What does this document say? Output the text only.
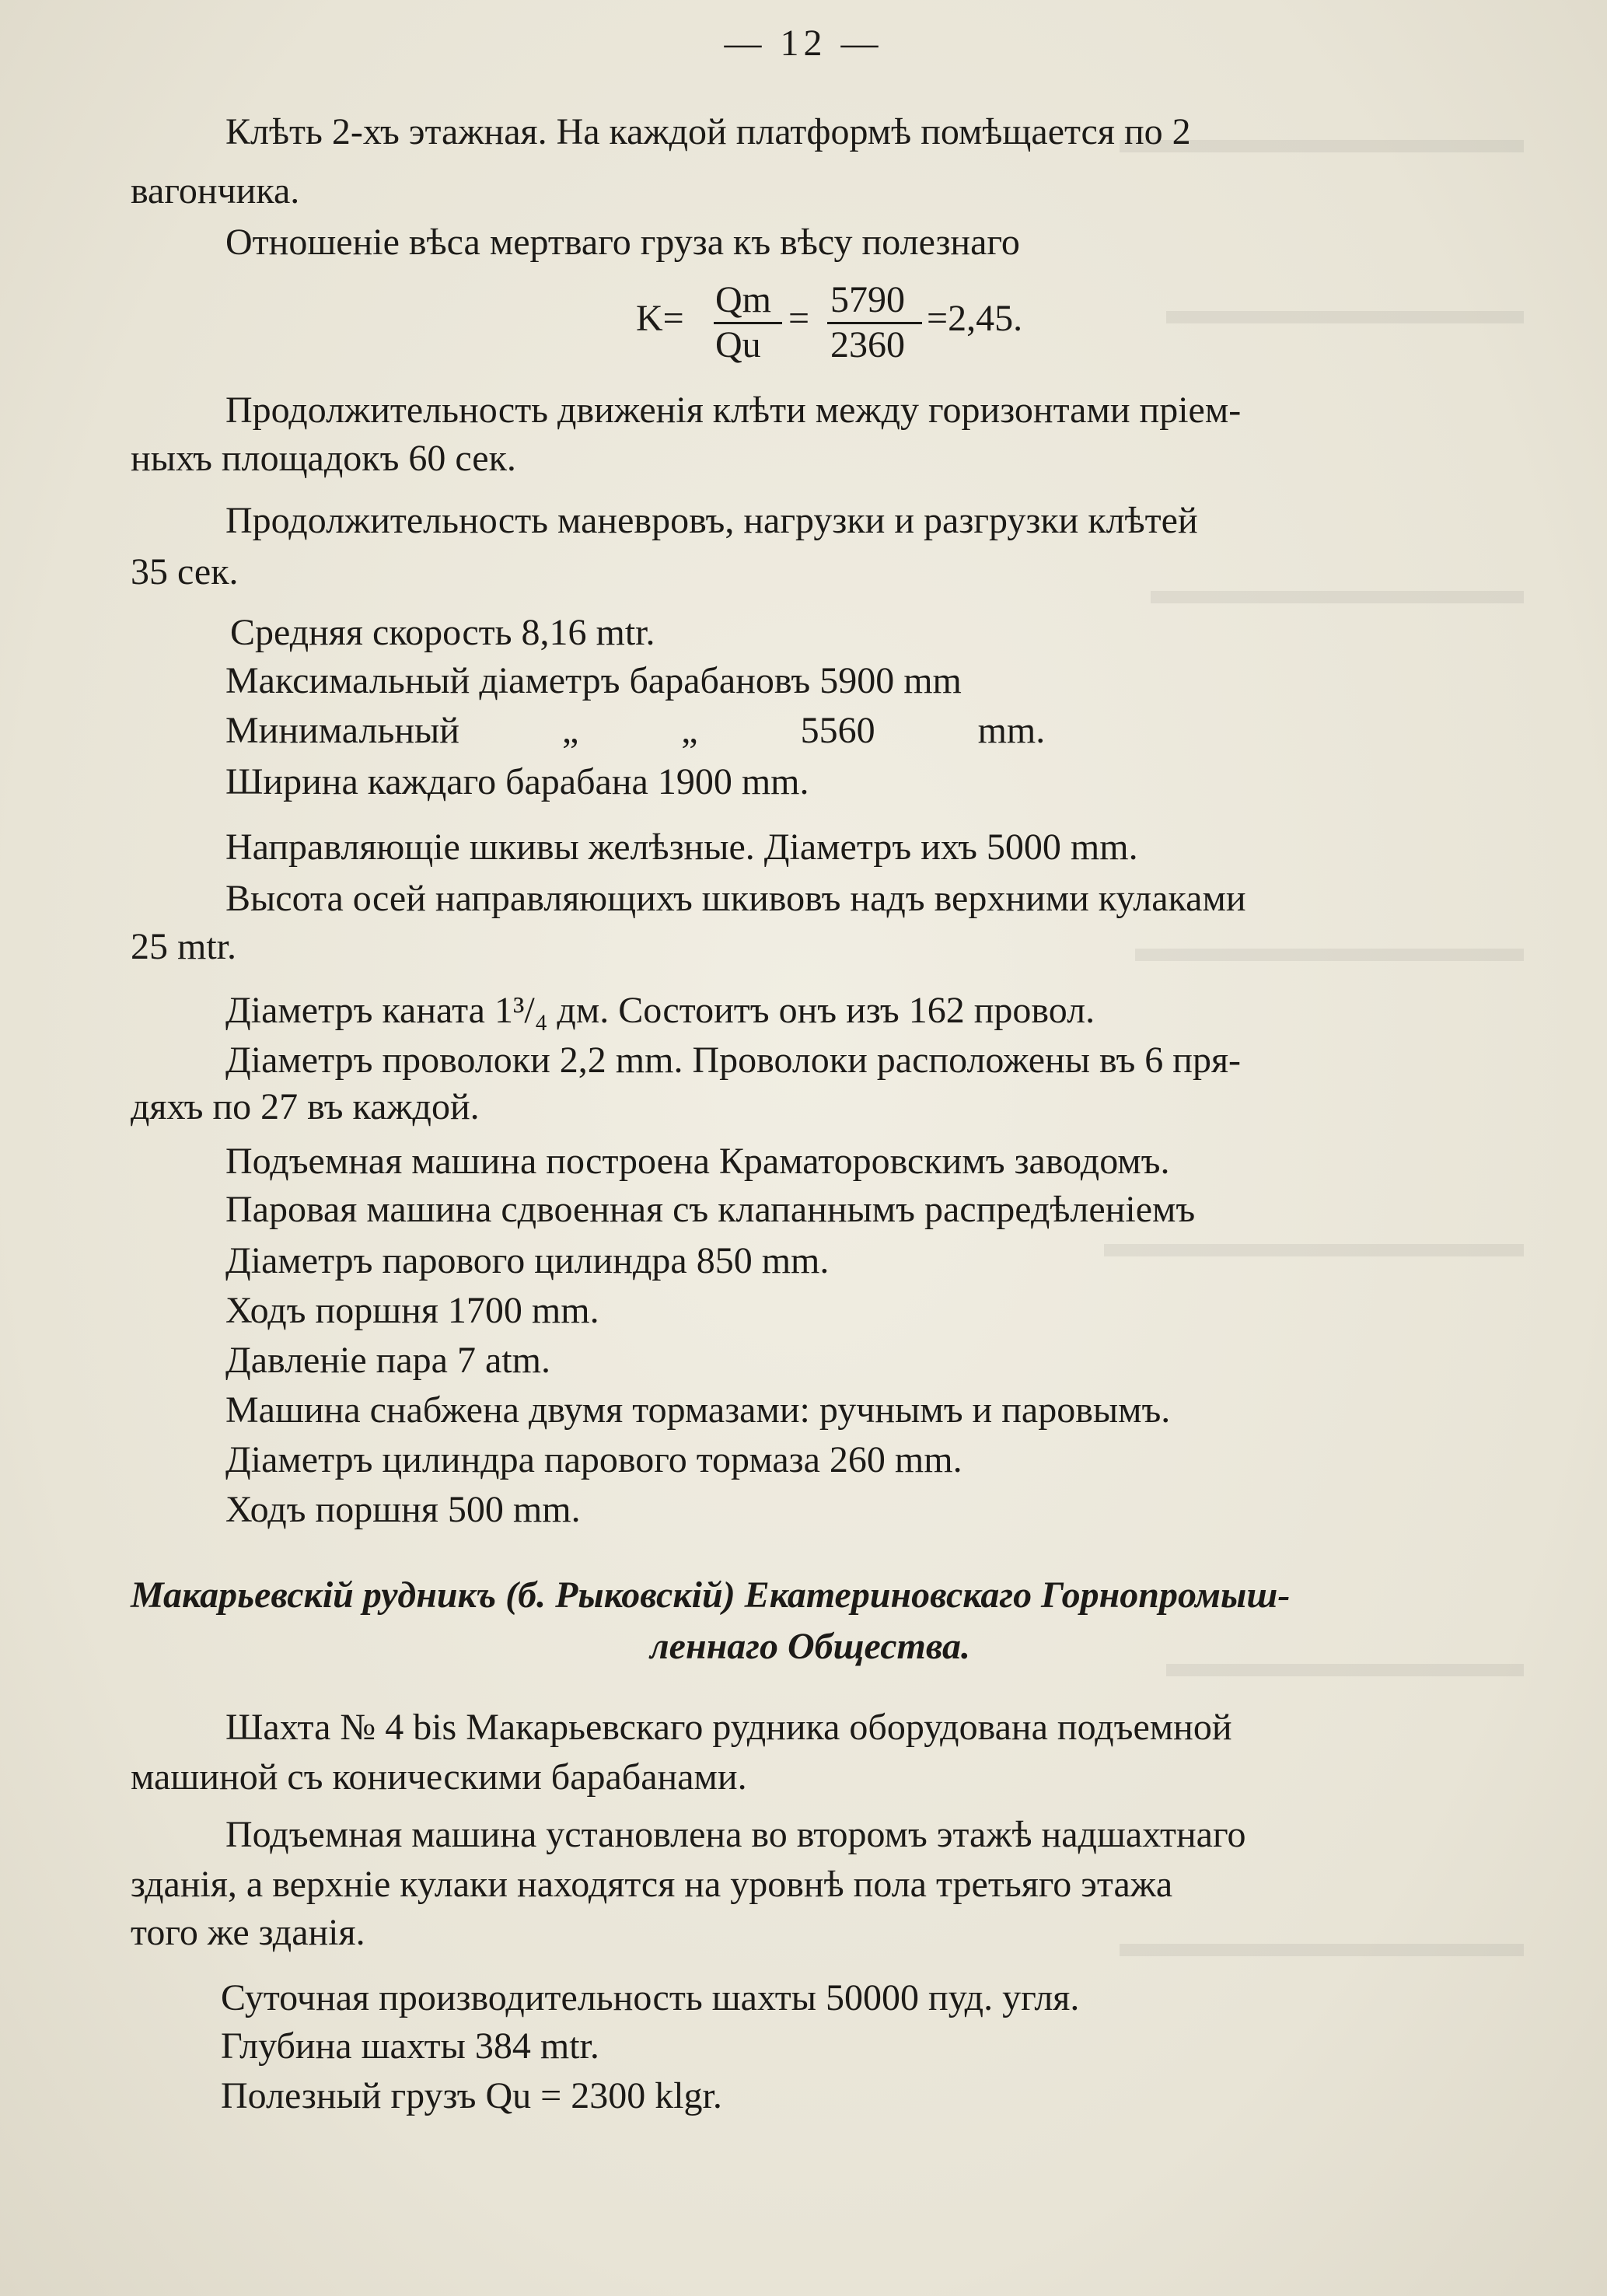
— 12 —
Клѣть 2-хъ этажная. На каждой платформѣ помѣщается по 2
вагончика.
Отношеніе вѣса мертваго груза къ вѣсу полезнаго
K= Qm
Qu
= 5790
2360
=2,45.
Продолжительность движенія клѣти между горизонтами пріем-
ныхъ площадокъ 60 сек.
Продолжительность маневровъ, нагрузки и разгрузки клѣтей
35 сек.
Средняя скорость 8,16 mtr.
Максимальный діаметръ барабановъ 5900 mm
Минимальный „ „ 5560 mm.
Ширина каждаго барабана 1900 mm.
Направляющіе шкивы желѣзные. Діаметръ ихъ 5000 mm.
Высота осей направляющихъ шкивовъ надъ верхними кулаками
25 mtr.
Діаметръ каната 1³/₄ дм. Состоитъ онъ изъ 162 провол.
Діаметръ проволоки 2,2 mm. Проволоки расположены въ 6 пря-
дяхъ по 27 въ каждой.
Подъемная машина построена Краматоровскимъ заводомъ.
Паровая машина сдвоенная съ клапаннымъ распредѣленіемъ
Діаметръ парового цилиндра 850 mm.
Ходъ поршня 1700 mm.
Давленіе пара 7 atm.
Машина снабжена двумя тормазами: ручнымъ и паровымъ.
Діаметръ цилиндра парового тормаза 260 mm.
Ходъ поршня 500 mm.
Макарьевскій рудникъ (б. Рыковскій) Екатериновскаго Горнопромыш-
леннаго Общества.
Шахта № 4 bis Макарьевскаго рудника оборудована подъемной
машиной съ коническими барабанами.
Подъемная машина установлена во второмъ этажѣ надшахтнаго
зданія, а верхніе кулаки находятся на уровнѣ пола третьяго этажа
того же зданія.
Суточная производительность шахты 50000 пуд. угля.
Глубина шахты 384 mtr.
Полезный грузъ Qu = 2300 klgr.
